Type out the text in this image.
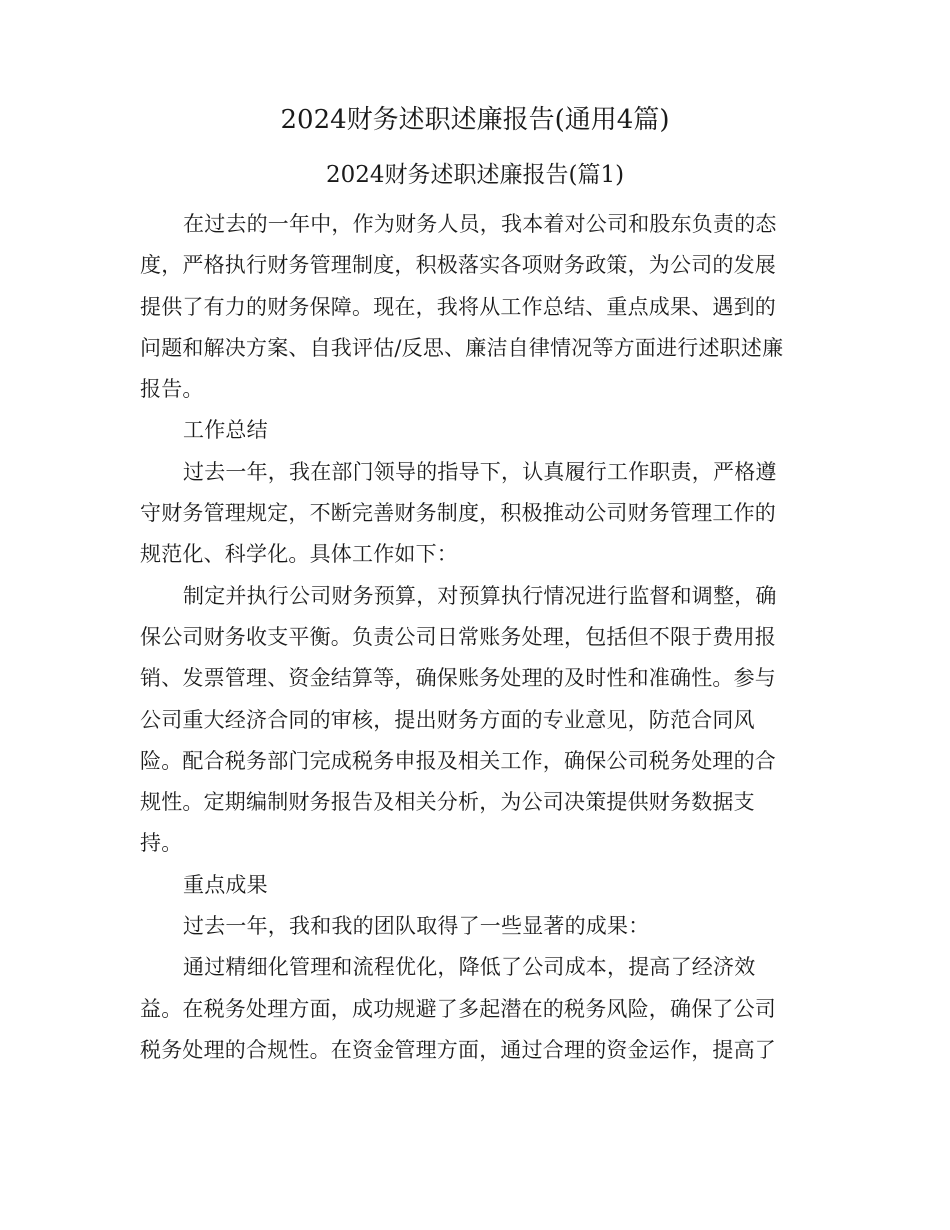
2024财务述职述廉报告(通用4篇)
2024财务述职述廉报告(篇1)
在过去的一年中，作为财务人员，我本着对公司和股东负责的态
度，严格执行财务管理制度，积极落实各项财务政策，为公司的发展
提供了有力的财务保障。现在，我将从工作总结、重点成果、遇到的
问题和解决方案、自我评估/反思、廉洁自律情况等方面进行述职述廉
报告。
工作总结
过去一年，我在部门领导的指导下，认真履行工作职责，严格遵
守财务管理规定，不断完善财务制度，积极推动公司财务管理工作的
规范化、科学化。具体工作如下：
制定并执行公司财务预算，对预算执行情况进行监督和调整，确
保公司财务收支平衡。负责公司日常账务处理，包括但不限于费用报
销、发票管理、资金结算等，确保账务处理的及时性和准确性。参与
公司重大经济合同的审核，提出财务方面的专业意见，防范合同风
险。配合税务部门完成税务申报及相关工作，确保公司税务处理的合
规性。定期编制财务报告及相关分析，为公司决策提供财务数据支
持。
重点成果
过去一年，我和我的团队取得了一些显著的成果：
通过精细化管理和流程优化，降低了公司成本，提高了经济效
益。在税务处理方面，成功规避了多起潜在的税务风险，确保了公司
税务处理的合规性。在资金管理方面，通过合理的资金运作，提高了
